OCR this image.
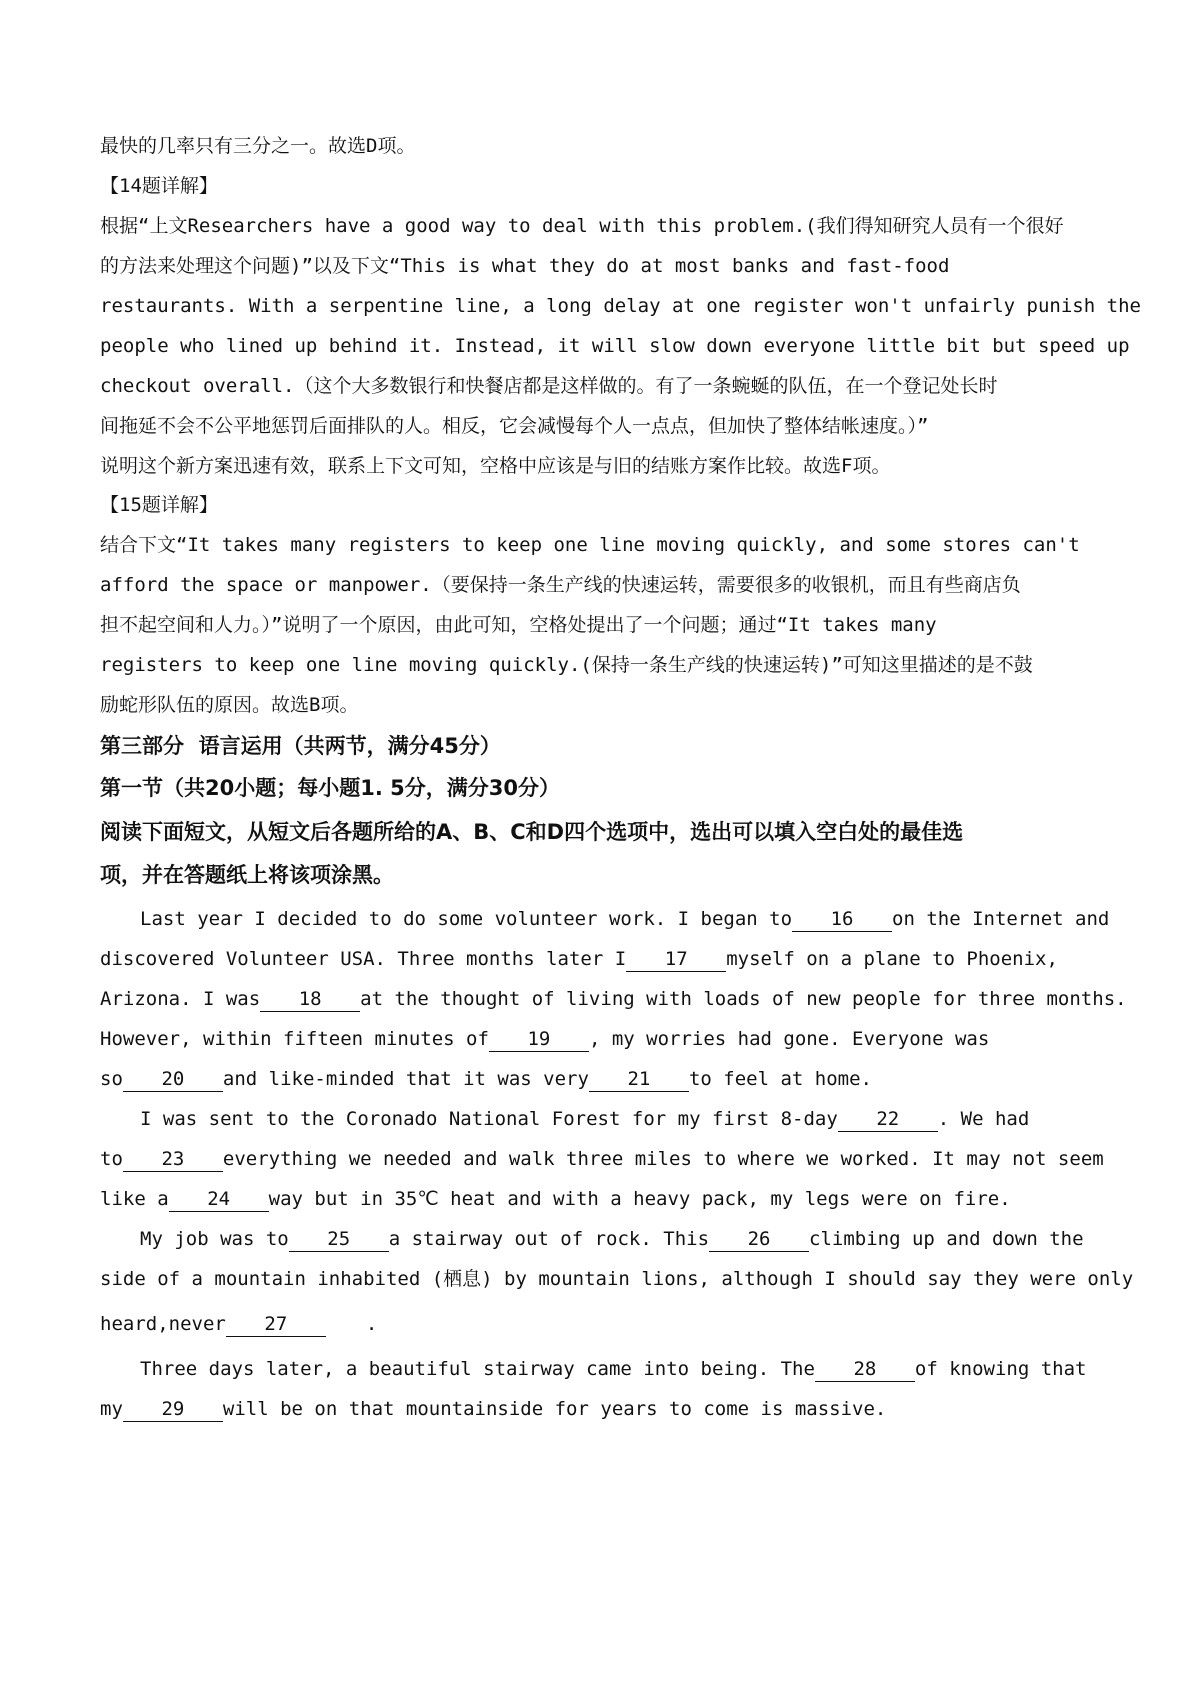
最快的几率只有三分之一。故选D项。
【14题详解】
根据“上文Researchers have a good way to deal with this problem.(我们得知研究人员有一个很好
的方法来处理这个问题)”以及下文“This is what they do at most banks and fast-food
restaurants. With a serpentine line, a long delay at one register won't unfairly punish the
people who lined up behind it. Instead, it will slow down everyone little bit but speed up
checkout overall.（这个大多数银行和快餐店都是这样做的。有了一条蜿蜒的队伍，在一个登记处长时
间拖延不会不公平地惩罚后面排队的人。相反，它会减慢每个人一点点，但加快了整体结帐速度。）”
说明这个新方案迅速有效，联系上下文可知，空格中应该是与旧的结账方案作比较。故选F项。
【15题详解】
结合下文“It takes many registers to keep one line moving quickly, and some stores can't
afford the space or manpower.（要保持一条生产线的快速运转，需要很多的收银机，而且有些商店负
担不起空间和人力。）”说明了一个原因，由此可知，空格处提出了一个问题；通过“It takes many
registers to keep one line moving quickly.(保持一条生产线的快速运转)”可知这里描述的是不鼓
励蛇形队伍的原因。故选B项。
第三部分  语言运用（共两节，满分45分）
第一节（共20小题；每小题1. 5分，满分30分）
阅读下面短文，从短文后各题所给的A、B、C和D四个选项中，选出可以填入空白处的最佳选
项，并在答题纸上将该项涂黑。
Last year I decided to do some volunteer work. I began to 16 on the Internet and
discovered Volunteer USA. Three months later I 17 myself on a plane to Phoenix,
Arizona. I was 18 at the thought of living with loads of new people for three months.
However, within fifteen minutes of 19 , my worries had gone. Everyone was
so 20 and like-minded that it was very 21 to feel at home.
I was sent to the Coronado National Forest for my first 8-day 22 . We had
to 23 everything we needed and walk three miles to where we worked. It may not seem
like a 24 way but in 35℃ heat and with a heavy pack, my legs were on fire.
My job was to 25 a stairway out of rock. This 26 climbing up and down the
side of a mountain inhabited (栖息) by mountain lions, although I should say they were only
heard,never 27	.
Three days later, a beautiful stairway came into being. The 28 of knowing that
my 29 will be on that mountainside for years to come is massive.
